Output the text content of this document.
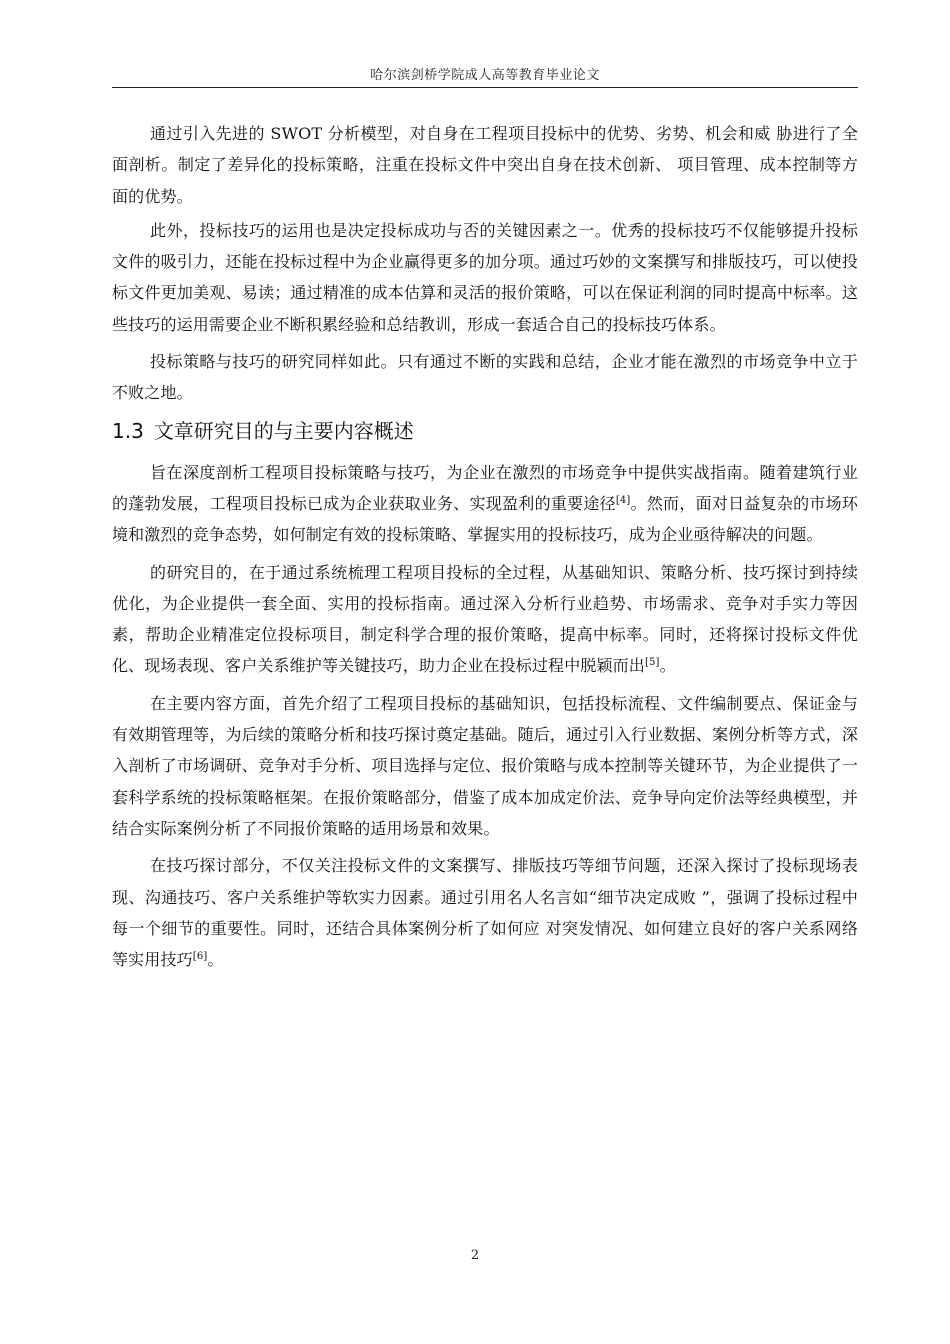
哈尔滨剑桥学院成人高等教育毕业论文

通过引入先进的 SWOT 分析模型，对自身在工程项目投标中的优势、劣势、机会和威 胁进行了全面剖析。制定了差异化的投标策略，注重在投标文件中突出自身在技术创新、 项目管理、成本控制等方面的优势。

此外，投标技巧的运用也是决定投标成功与否的关键因素之一。优秀的投标技巧不仅能够提升投标文件的吸引力，还能在投标过程中为企业赢得更多的加分项。通过巧妙的文案撰写和排版技巧，可以使投标文件更加美观、易读；通过精准的成本估算和灵活的报价策略，可以在保证利润的同时提高中标率。这些技巧的运用需要企业不断积累经验和总结教训，形成一套适合自己的投标技巧体系。

投标策略与技巧的研究同样如此。只有通过不断的实践和总结，企业才能在激烈的市场竞争中立于不败之地。

1.3 文章研究目的与主要内容概述

旨在深度剖析工程项目投标策略与技巧，为企业在激烈的市场竞争中提供实战指南。随着建筑行业的蓬勃发展，工程项目投标已成为企业获取业务、实现盈利的重要途径[4]。然而，面对日益复杂的市场环境和激烈的竞争态势，如何制定有效的投标策略、掌握实用的投标技巧，成为企业亟待解决的问题。

的研究目的，在于通过系统梳理工程项目投标的全过程，从基础知识、策略分析、技巧探讨到持续优化，为企业提供一套全面、实用的投标指南。通过深入分析行业趋势、市场需求、竞争对手实力等因素，帮助企业精准定位投标项目，制定科学合理的报价策略，提高中标率。同时，还将探讨投标文件优化、现场表现、客户关系维护等关键技巧，助力企业在投标过程中脱颖而出[5]。

在主要内容方面，首先介绍了工程项目投标的基础知识，包括投标流程、文件编制要点、保证金与有效期管理等，为后续的策略分析和技巧探讨奠定基础。随后，通过引入行业数据、案例分析等方式，深入剖析了市场调研、竞争对手分析、项目选择与定位、报价策略与成本控制等关键环节，为企业提供了一套科学系统的投标策略框架。在报价策略部分，借鉴了成本加成定价法、竞争导向定价法等经典模型，并结合实际案例分析了不同报价策略的适用场景和效果。

在技巧探讨部分，不仅关注投标文件的文案撰写、排版技巧等细节问题，还深入探讨了投标现场表现、沟通技巧、客户关系维护等软实力因素。通过引用名人名言如“细节决定成败 ”，强调了投标过程中每一个细节的重要性。同时，还结合具体案例分析了如何应 对突发情况、如何建立良好的客户关系网络等实用技巧[6]。

2
